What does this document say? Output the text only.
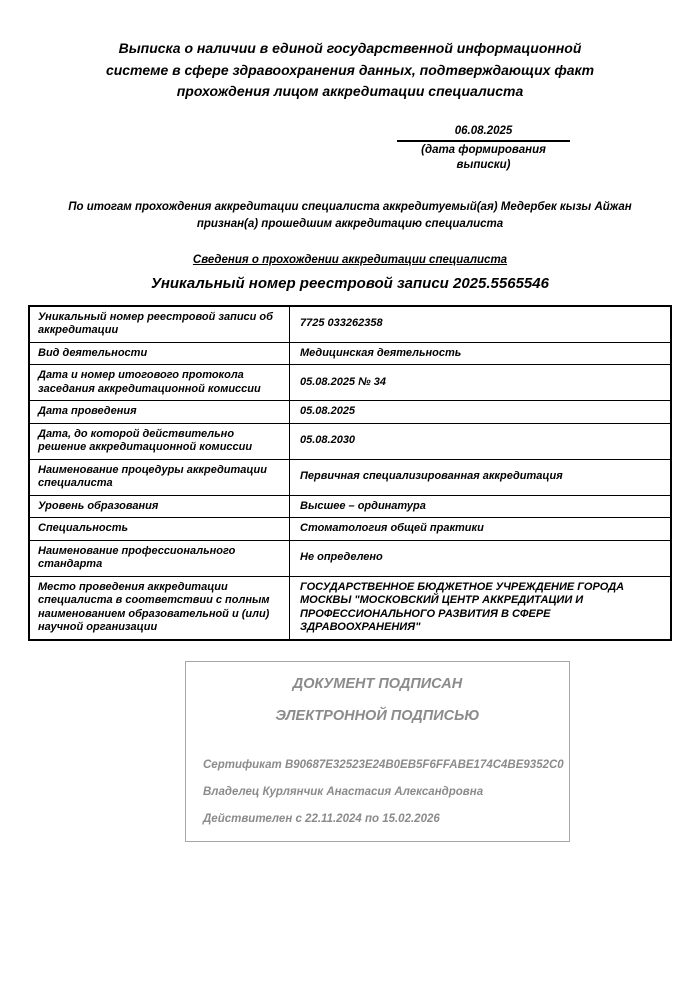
Выписка о наличии в единой государственной информационной
системе в сфере здравоохранения данных, подтверждающих факт
прохождения лицом аккредитации специалиста
06.08.2025
(дата формирования выписки)
По итогам прохождения аккредитации специалиста аккредитуемый(ая) Медербек кызы Айжан
признан(а) прошедшим аккредитацию специалиста
Сведения о прохождении аккредитации специалиста
Уникальный номер реестровой записи 2025.5565546
Уникальный номер реестровой записи об аккредитации	7725 033262358
Вид деятельности	Медицинская деятельность
Дата и номер итогового протокола заседания аккредитационной комиссии	05.08.2025 № 34
Дата проведения	05.08.2025
Дата, до которой действительно решение аккредитационной комиссии	05.08.2030
Наименование процедуры аккредитации специалиста	Первичная специализированная аккредитация
Уровень образования	Высшее – ординатура
Специальность	Стоматология общей практики
Наименование профессионального стандарта	Не определено
Место проведения аккредитации специалиста в соответствии с полным наименованием образовательной и (или) научной организации	ГОСУДАРСТВЕННОЕ БЮДЖЕТНОЕ УЧРЕЖДЕНИЕ ГОРОДА МОСКВЫ "МОСКОВСКИЙ ЦЕНТР АККРЕДИТАЦИИ И ПРОФЕССИОНАЛЬНОГО РАЗВИТИЯ В СФЕРЕ ЗДРАВООХРАНЕНИЯ"
ДОКУМЕНТ ПОДПИСАН
ЭЛЕКТРОННОЙ ПОДПИСЬЮ
Сертификат B90687E32523E24B0EB5F6FFABE174C4BE9352C0
Владелец Курлянчик Анастасия Александровна
Действителен с 22.11.2024 по 15.02.2026
